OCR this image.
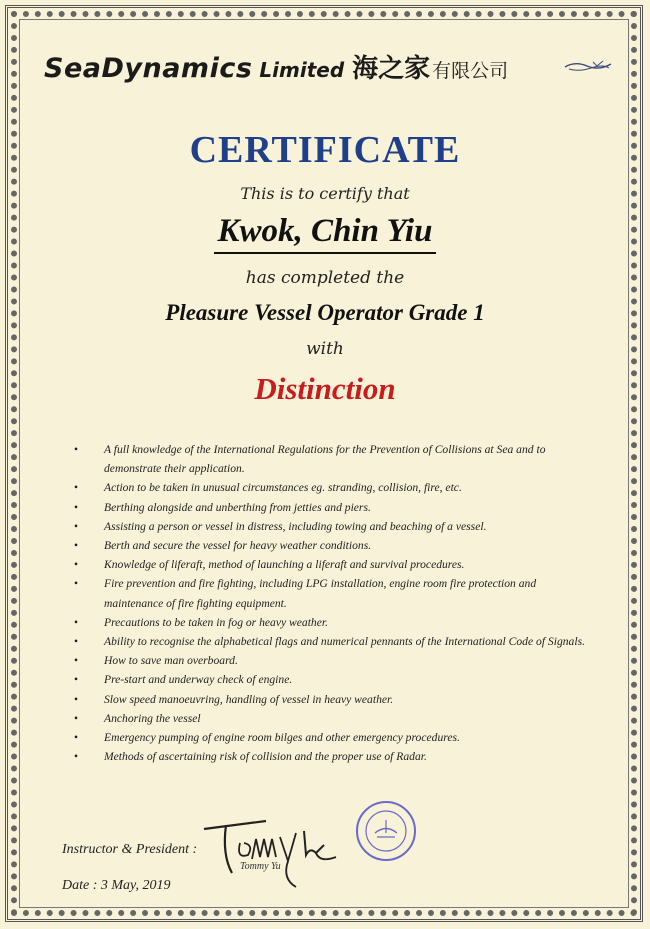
SeaDynamics Limited 海之家 有限公司
CERTIFICATE
This is to certify that
Kwok, Chin Yiu
has completed the
Pleasure Vessel Operator Grade 1
with
Distinction
• A full knowledge of the International Regulations for the Prevention of Collisions at Sea and to demonstrate their application.
• Action to be taken in unusual circumstances eg. stranding, collision, fire, etc.
• Berthing alongside and unberthing from jetties and piers.
• Assisting a person or vessel in distress, including towing and beaching of a vessel.
• Berth and secure the vessel for heavy weather conditions.
• Knowledge of liferaft, method of launching a liferaft and survival procedures.
• Fire prevention and fire fighting, including LPG installation, engine room fire protection and maintenance of fire fighting equipment.
• Precautions to be taken in fog or heavy weather.
• Ability to recognise the alphabetical flags and numerical pennants of the International Code of Signals.
• How to save man overboard.
• Pre-start and underway check of engine.
• Slow speed manoeuvring, handling of vessel in heavy weather.
• Anchoring the vessel
• Emergency pumping of engine room bilges and other emergency procedures.
• Methods of ascertaining risk of collision and the proper use of Radar.
Instructor & President :
Tommy Yu
Date : 3 May, 2019
